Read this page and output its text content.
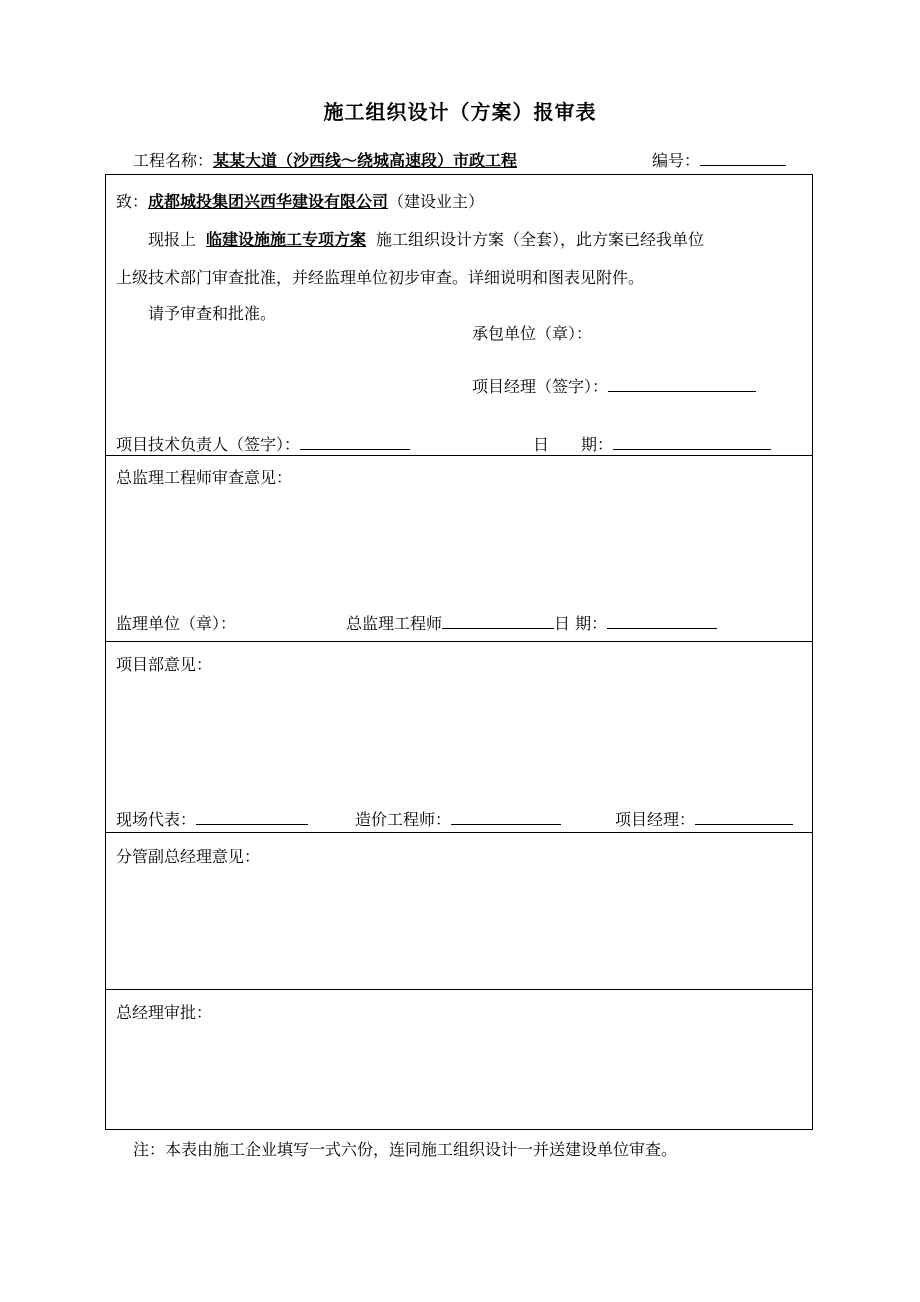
施工组织设计（方案）报审表
工程名称：某某大道（沙西线～绕城高速段）市政工程	编号：
致：成都城投集团兴西华建设有限公司（建设业主）
现报上 临建设施施工专项方案 施工组织设计方案（全套），此方案已经我单位
上级技术部门审查批准，并经监理单位初步审查。详细说明和图表见附件。
请予审查和批准。
承包单位（章）：
项目经理（签字）：
项目技术负责人（签字）：	日　　期：
总监理工程师审查意见：
监理单位（章）：	总监理工程师	日 期：
项目部意见：
现场代表：	造价工程师：	项目经理：
分管副总经理意见：
总经理审批：
注：本表由施工企业填写一式六份，连同施工组织设计一并送建设单位审查。
